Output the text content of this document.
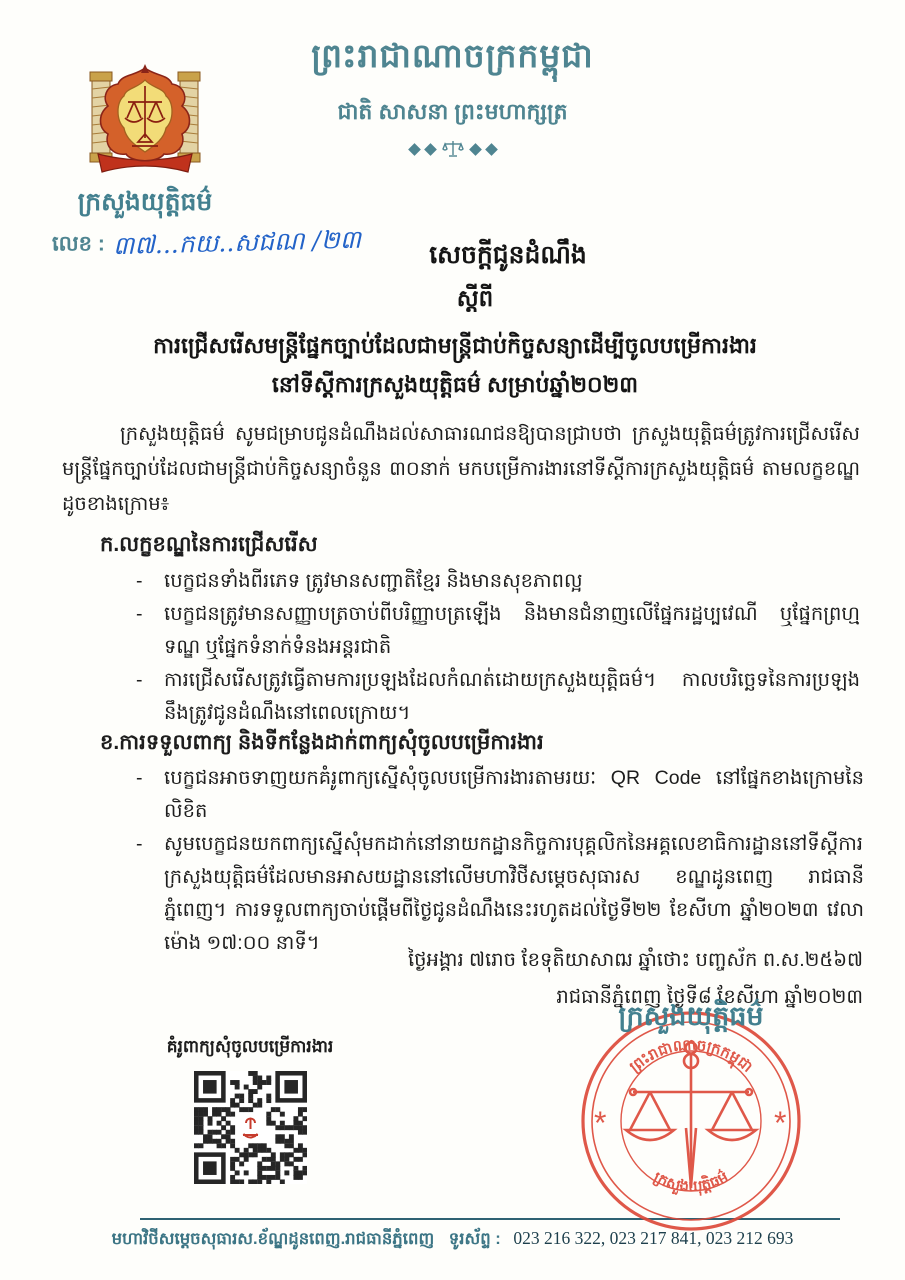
ព្រះរាជាណាចក្រកម្ពុជា
ជាតិ សាសនា ព្រះមហាក្សត្រ
ក្រសួងយុត្តិធម៌
លេខ : ៣៧...កយ..សជណ /២៣	សេចក្តីជូនដំណឹង
ស្តីពី
ការជ្រើសរើសមន្ត្រីផ្នែកច្បាប់ដែលជាមន្ត្រីជាប់កិច្ចសន្យាដើម្បីចូលបម្រើការងារ
នៅទីស្តីការក្រសួងយុត្តិធម៌ សម្រាប់ឆ្នាំ២០២៣

ក្រសួងយុត្តិធម៌ សូមជម្រាបជូនដំណឹងដល់សាធារណជនឱ្យបានជ្រាបថា ក្រសួងយុត្តិធម៌ត្រូវការជ្រើសរើសមន្ត្រីផ្នែកច្បាប់ដែលជាមន្ត្រីជាប់កិច្ចសន្យាចំនួន ៣០នាក់ មកបម្រើការងារនៅទីស្តីការក្រសួងយុត្តិធម៌ តាមលក្ខខណ្ឌដូចខាងក្រោម៖

ក.លក្ខខណ្ឌនៃការជ្រើសរើស
-	បេក្ខជនទាំងពីរភេទ ត្រូវមានសញ្ជាតិខ្មែរ និងមានសុខភាពល្អ
-	បេក្ខជនត្រូវមានសញ្ញាបត្រចាប់ពីបរិញ្ញាបត្រឡើង និងមានជំនាញលើផ្នែករដ្ឋប្បវេណី ឬផ្នែកព្រហ្មទណ្ឌ ឬផ្នែកទំនាក់ទំនងអន្តរជាតិ
-	ការជ្រើសរើសត្រូវធ្វើតាមការប្រឡងដែលកំណត់ដោយក្រសួងយុត្តិធម៌។ កាលបរិច្ឆេទនៃការប្រឡងនឹងត្រូវជូនដំណឹងនៅពេលក្រោយ។
ខ.ការទទួលពាក្យ និងទីកន្លែងដាក់ពាក្យសុំចូលបម្រើការងារ
-	បេក្ខជនអាចទាញយកគំរូពាក្យស្នើសុំចូលបម្រើការងារតាមរយៈ QR Code នៅផ្នែកខាងក្រោមនៃលិខិត
-	សូមបេក្ខជនយកពាក្យស្នើសុំមកដាក់នៅនាយកដ្ឋានកិច្ចការបុគ្គលិកនៃអគ្គលេខាធិការដ្ឋាននៅទីស្តីការក្រសួងយុត្តិធម៌ដែលមានអាសយដ្ឋាននៅលើមហាវិថីសម្តេចសុធារស ខណ្ឌដូនពេញ រាជធានីភ្នំពេញ។ ការទទួលពាក្យចាប់ផ្តើមពីថ្ងៃជូនដំណឹងនេះរហូតដល់ថ្ងៃទី២២ ខែសីហា ឆ្នាំ២០២៣ វេលាម៉ោង ១៧:០០ នាទី។
ថ្ងៃអង្គារ ៧រោច ខែទុតិយាសាឍ ឆ្នាំថោះ បញ្ចស័ក ព.ស.២៥៦៧
រាជធានីភ្នំពេញ ថ្ងៃទី៨ ខែសីហា ឆ្នាំ២០២៣
ក្រសួងយុត្តិធម៌
ព្រះរាជាណាចក្រកម្ពុជា
ក្រសួងយុត្តិធម៌
*	*
គំរូពាក្យសុំចូលបម្រើការងារ
មហាវិថីសម្តេចសុធារស.ខ័ណ្ឌដូនពេញ.រាជធានីភ្នំពេញ ទូរស័ព្ទ : 023 216 322, 023 217 841, 023 212 693
